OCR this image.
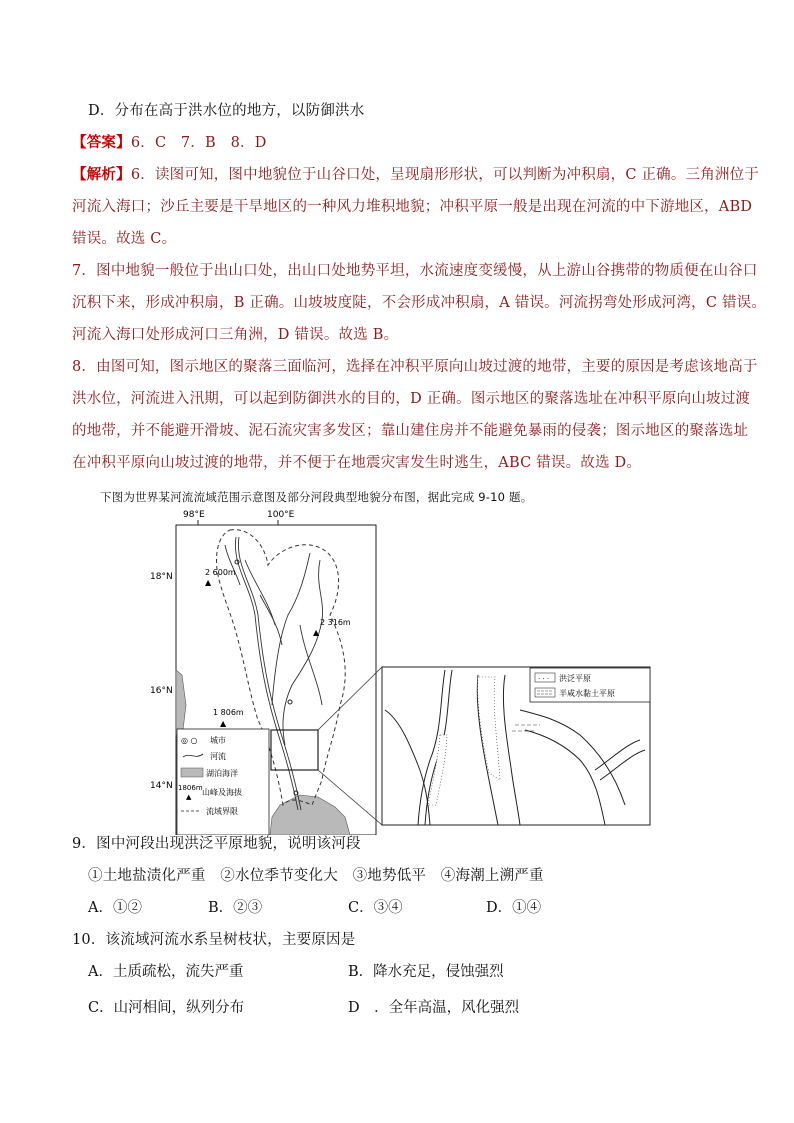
D．分布在高于洪水位的地方，以防御洪水
【答案】6．C　7．B　8．D
【解析】6．读图可知，图中地貌位于山谷口处，呈现扇形形状，可以判断为冲积扇，C 正确。三角洲位于
河流入海口；沙丘主要是干旱地区的一种风力堆积地貌；冲积平原一般是出现在河流的中下游地区，ABD
错误。故选 C。
7．图中地貌一般位于出山口处，出山口处地势平坦，水流速度变缓慢，从上游山谷携带的物质便在山谷口
沉积下来，形成冲积扇，B 正确。山坡坡度陡，不会形成冲积扇，A 错误。河流拐弯处形成河湾，C 错误。
河流入海口处形成河口三角洲，D 错误。故选 B。
8．由图可知，图示地区的聚落三面临河，选择在冲积平原向山坡过渡的地带，主要的原因是考虑该地高于
洪水位，河流进入汛期，可以起到防御洪水的目的，D 正确。图示地区的聚落选址在冲积平原向山坡过渡
的地带，并不能避开滑坡、泥石流灾害多发区；靠山建住房并不能避免暴雨的侵袭；图示地区的聚落选址
在冲积平原向山坡过渡的地带，并不便于在地震灾害发生时逃生，ABC 错误。故选 D。
下图为世界某河流流域范围示意图及部分河段典型地貌分布图，据此完成 9-10 题。
98°E	100°E
18°N
16°N
14°N
2 600m
▲
2 316m
▲
1 806m
▲
◎ ○ 城市
河流
湖泊海洋
1806m
▲ 山峰及海拔
流域界限
· · · 洪泛平原
半咸水黏土平原
9．图中河段出现洪泛平原地貌，说明该河段
①土地盐渍化严重　②水位季节变化大　③地势低平　④海潮上溯严重
A．①②	B．②③	C．③④	D．①④
10．该流域河流水系呈树枝状，主要原因是
A．土质疏松，流失严重	B．降水充足，侵蚀强烈
C．山河相间，纵列分布	D　．全年高温，风化强烈
